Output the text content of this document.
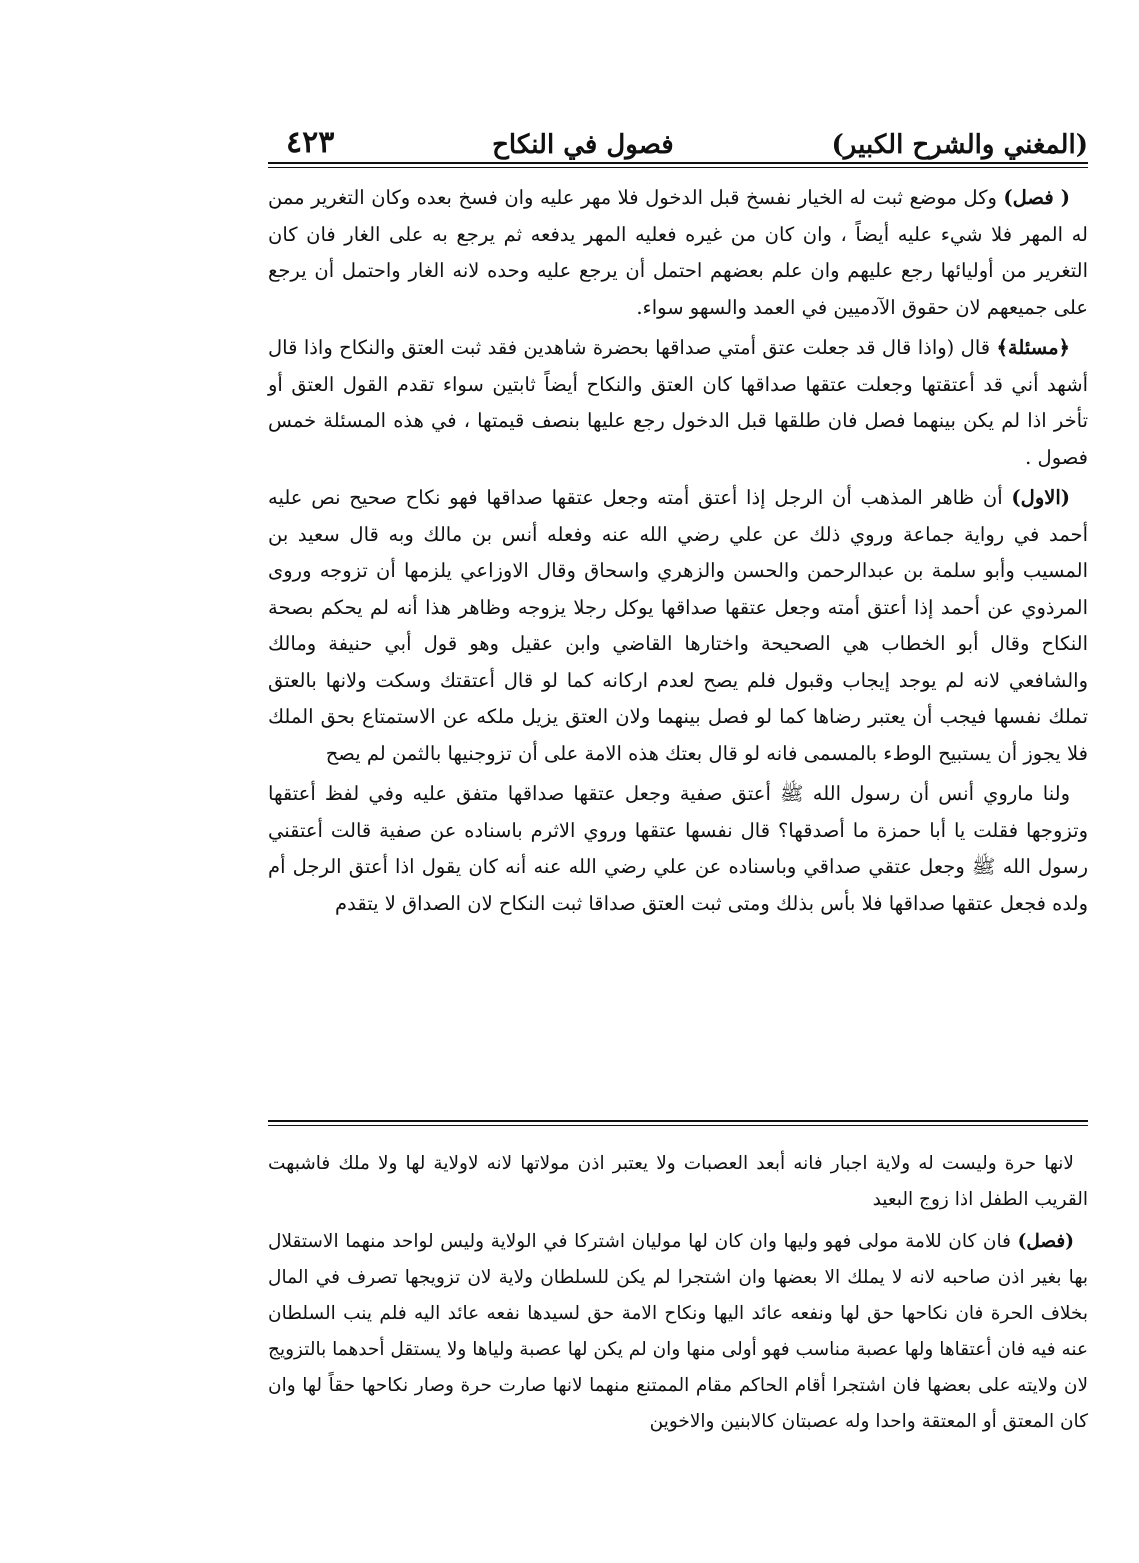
(المغني والشرح الكبير)
فصول في النكاح
٤٢٣

( فصل) وكل موضع ثبت له الخيار نفسخ قبل الدخول فلا مهر عليه وان فسخ بعده وكان التغرير ممن له المهر فلا شيء عليه أيضاً ، وان كان من غيره فعليه المهر يدفعه ثم يرجع به على الغار فان كان التغرير من أوليائها رجع عليهم وان علم بعضهم احتمل أن يرجع عليه وحده لانه الغار واحتمل أن يرجع على جميعهم لان حقوق الآدميين في العمد والسهو سواء.

﴿مسئلة﴾ قال (واذا قال قد جعلت عتق أمتي صداقها بحضرة شاهدين فقد ثبت العتق والنكاح واذا قال أشهد أني قد أعتقتها وجعلت عتقها صداقها كان العتق والنكاح أيضاً ثابتين سواء تقدم القول العتق أو تأخر اذا لم يكن بينهما فصل فان طلقها قبل الدخول رجع عليها بنصف قيمتها ، في هذه المسئلة خمس فصول .

(الاول) أن ظاهر المذهب أن الرجل إذا أعتق أمته وجعل عتقها صداقها فهو نكاح صحيح نص عليه أحمد في رواية جماعة وروي ذلك عن علي رضي الله عنه وفعله أنس بن مالك وبه قال سعيد بن المسيب وأبو سلمة بن عبدالرحمن والحسن والزهري واسحاق وقال الاوزاعي يلزمها أن تزوجه وروى المرذوي عن أحمد إذا أعتق أمته وجعل عتقها صداقها يوكل رجلا يزوجه وظاهر هذا أنه لم يحكم بصحة النكاح وقال أبو الخطاب هي الصحيحة واختارها القاضي وابن عقيل وهو قول أبي حنيفة ومالك والشافعي لانه لم يوجد إيجاب وقبول فلم يصح لعدم اركانه كما لو قال أعتقتك وسكت ولانها بالعتق تملك نفسها فيجب أن يعتبر رضاها كما لو فصل بينهما ولان العتق يزيل ملكه عن الاستمتاع بحق الملك فلا يجوز أن يستبيح الوطء بالمسمى فانه لو قال بعتك هذه الامة على أن تزوجنيها بالثمن لم يصح

ولنا ماروي أنس أن رسول الله ﷺ أعتق صفية وجعل عتقها صداقها متفق عليه وفي لفظ أعتقها وتزوجها فقلت يا أبا حمزة ما أصدقها؟ قال نفسها عتقها وروي الاثرم باسناده عن صفية قالت أعتقني رسول الله ﷺ وجعل عتقي صداقي وباسناده عن علي رضي الله عنه أنه كان يقول اذا أعتق الرجل أم ولده فجعل عتقها صداقها فلا بأس بذلك ومتى ثبت العتق صداقا ثبت النكاح لان الصداق لا يتقدم

لانها حرة وليست له ولاية اجبار فانه أبعد العصبات ولا يعتبر اذن مولاتها لانه لاولاية لها ولا ملك فاشبهت القريب الطفل اذا زوج البعيد

(فصل) فان كان للامة مولى فهو وليها وان كان لها موليان اشتركا في الولاية وليس لواحد منهما الاستقلال بها بغير اذن صاحبه لانه لا يملك الا بعضها وان اشتجرا لم يكن للسلطان ولاية لان تزويجها تصرف في المال بخلاف الحرة فان نكاحها حق لها ونفعه عائد اليها ونكاح الامة حق لسيدها نفعه عائد اليه فلم ينب السلطان عنه فيه فان أعتقاها ولها عصبة مناسب فهو أولى منها وان لم يكن لها عصبة ولياها ولا يستقل أحدهما بالتزويج لان ولايته على بعضها فان اشتجرا أقام الحاكم مقام الممتنع منهما لانها صارت حرة وصار نكاحها حقاً لها وان كان المعتق أو المعتقة واحدا وله عصبتان كالابنين والاخوين
